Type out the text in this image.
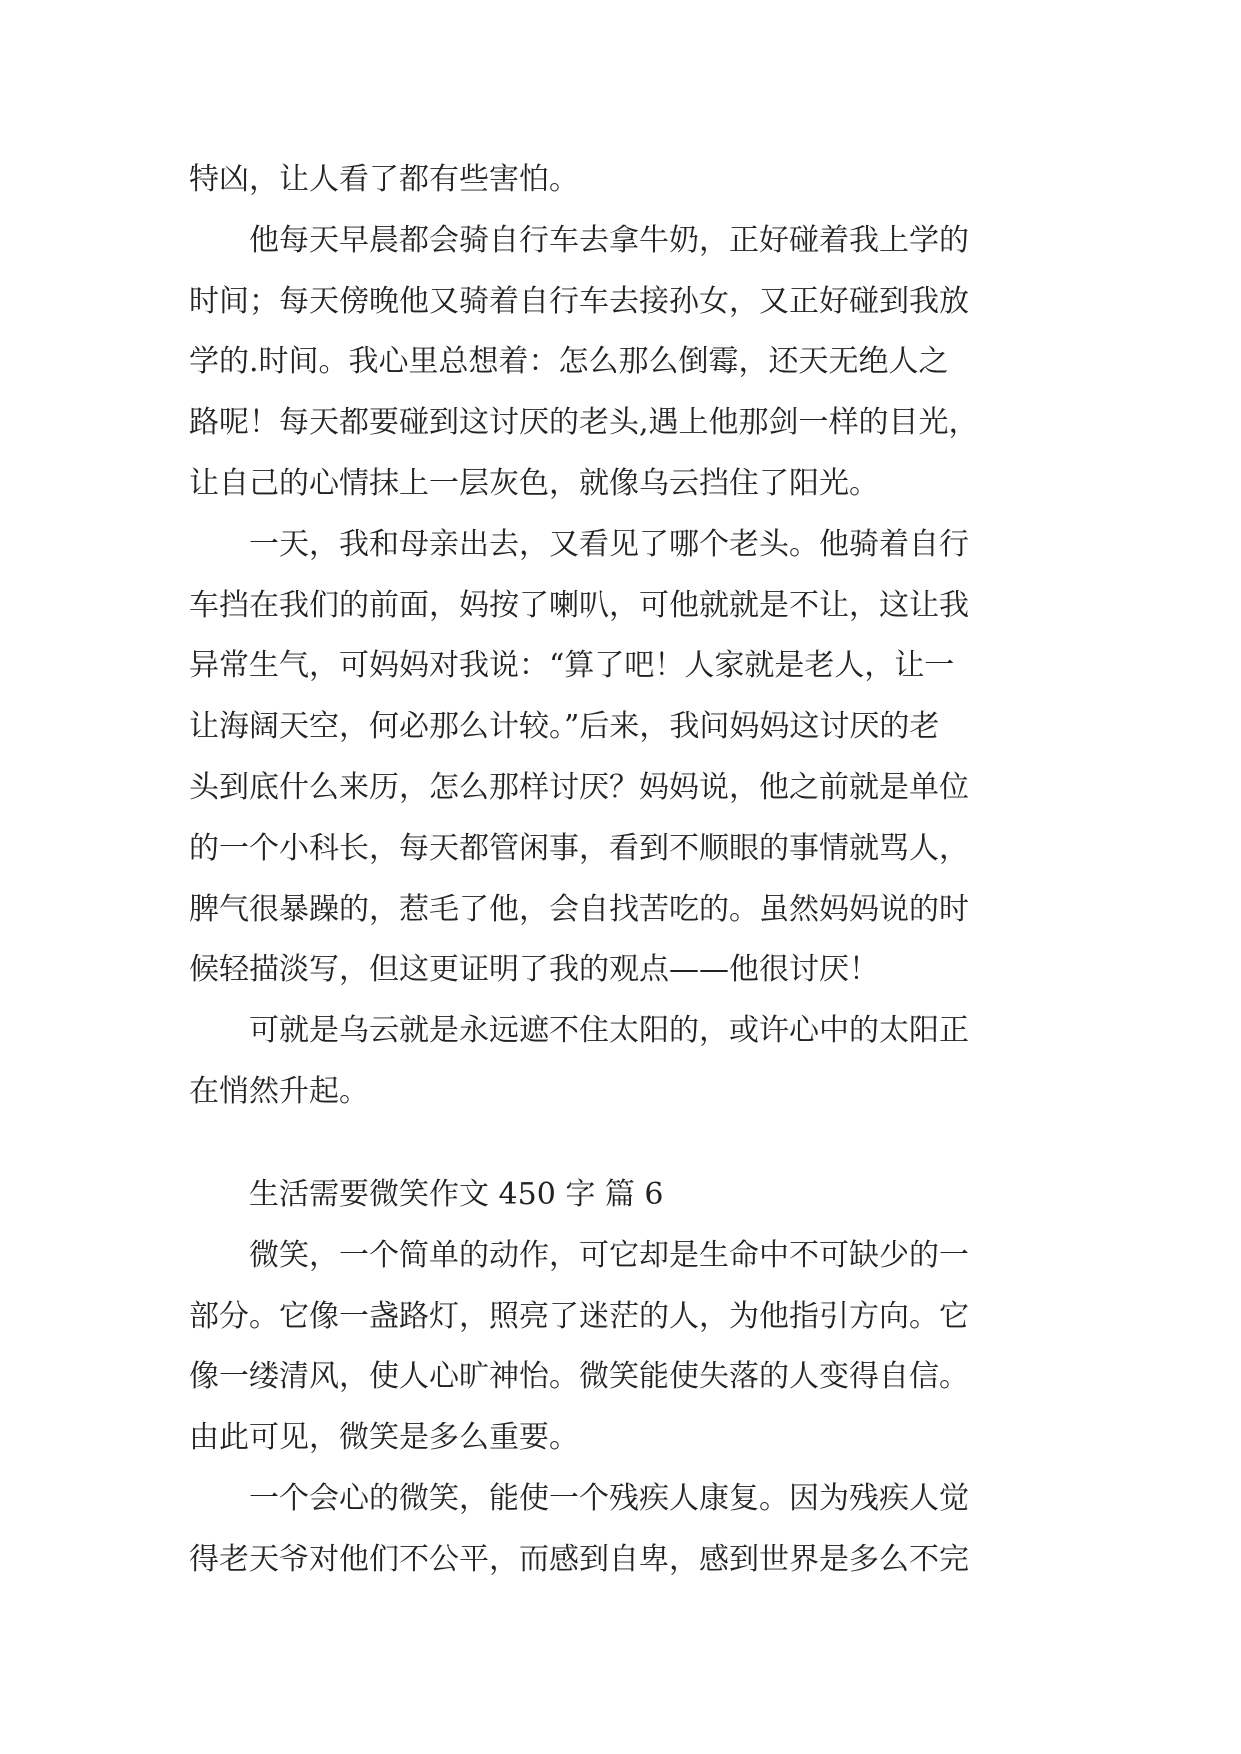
特凶，让人看了都有些害怕。
他每天早晨都会骑自行车去拿牛奶，正好碰着我上学的
时间；每天傍晚他又骑着自行车去接孙女，又正好碰到我放
学的.时间。我心里总想着：怎么那么倒霉，还天无绝人之
路呢！每天都要碰到这讨厌的老头,遇上他那剑一样的目光，
让自己的心情抹上一层灰色，就像乌云挡住了阳光。
一天，我和母亲出去，又看见了哪个老头。他骑着自行
车挡在我们的前面，妈按了喇叭，可他就就是不让，这让我
异常生气，可妈妈对我说：“算了吧！人家就是老人，让一
让海阔天空，何必那么计较。”后来，我问妈妈这讨厌的老
头到底什么来历，怎么那样讨厌？妈妈说，他之前就是单位
的一个小科长，每天都管闲事，看到不顺眼的事情就骂人，
脾气很暴躁的，惹毛了他，会自找苦吃的。虽然妈妈说的时
候轻描淡写，但这更证明了我的观点——他很讨厌！
可就是乌云就是永远遮不住太阳的，或许心中的太阳正
在悄然升起。
生活需要微笑作文 450 字 篇 6
微笑，一个简单的动作，可它却是生命中不可缺少的一
部分。它像一盏路灯，照亮了迷茫的人，为他指引方向。它
像一缕清风，使人心旷神怡。微笑能使失落的人变得自信。
由此可见，微笑是多么重要。
一个会心的微笑，能使一个残疾人康复。因为残疾人觉
得老天爷对他们不公平，而感到自卑，感到世界是多么不完
